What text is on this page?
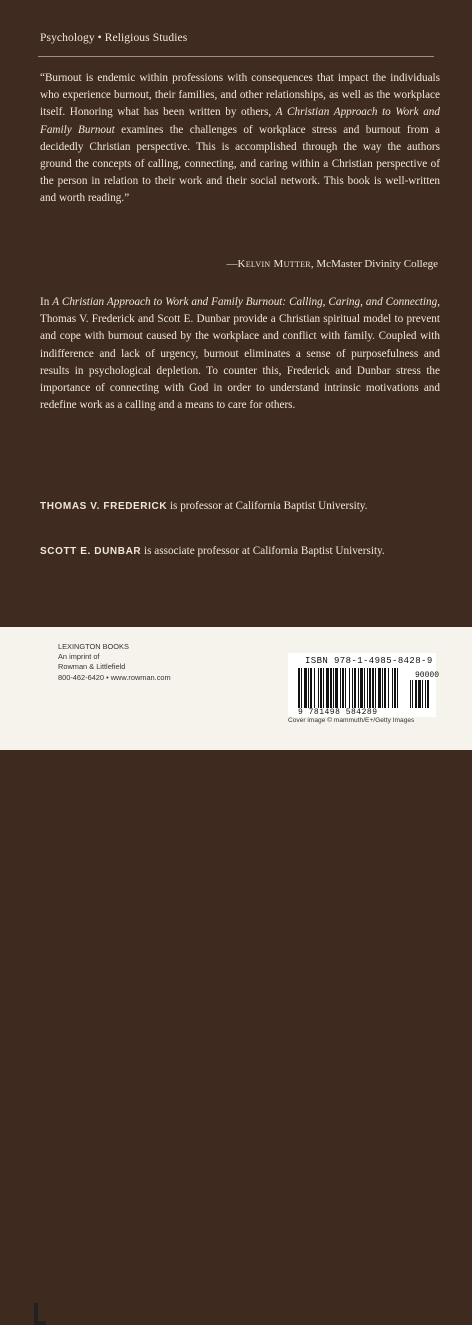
Psychology • Religious Studies
“Burnout is endemic within professions with consequences that impact the individuals who experience burnout, their families, and other relationships, as well as the workplace itself. Honoring what has been written by others, A Christian Approach to Work and Family Burnout examines the challenges of workplace stress and burnout from a decidedly Christian perspective. This is accomplished through the way the authors ground the concepts of calling, connecting, and caring within a Christian perspective of the person in relation to their work and their social network. This book is well-written and worth reading.”
—Kelvin Mutter, McMaster Divinity College
In A Christian Approach to Work and Family Burnout: Calling, Caring, and Connecting, Thomas V. Frederick and Scott E. Dunbar provide a Christian spiritual model to prevent and cope with burnout caused by the workplace and conflict with family. Coupled with indifference and lack of urgency, burnout eliminates a sense of purposefulness and results in psychological depletion. To counter this, Frederick and Dunbar stress the importance of connecting with God in order to understand intrinsic motivations and redefine work as a calling and a means to care for others.
THOMAS V. FREDERICK is professor at California Baptist University.
SCOTT E. DUNBAR is associate professor at California Baptist University.
LEXINGTON BOOKS
An imprint of
Rowman & Littlefield
800-462-6420 • www.rowman.com
ISBN 978-1-4985-8428-9
90000
9 781498 584289
Cover image © mammuth/E+/Getty Images
